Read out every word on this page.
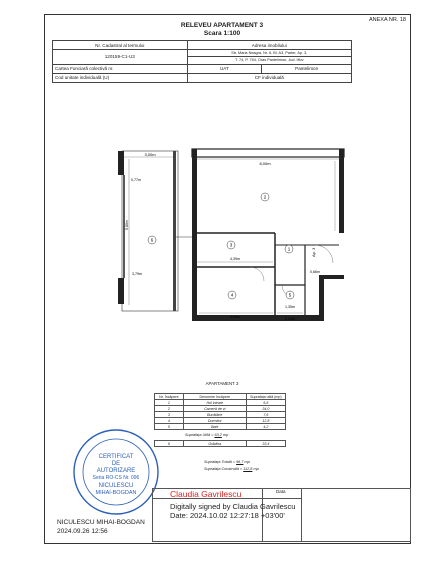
ANEXA NR. 18
RELEVEU APARTAMENT 3
Scara 1:100
Nr. Cadastral al termului	Adresa imobilului	
120159-C1-U3	Str. Maria Neagra, Nr. 6, Bl. A3, Parter, Ap. 3,	
	T. 74, P. 754, Oras Pantelimon, Jud. Ilfov	
Cartea Funciară colectivă nr.	UAT	Pantelimon
Cod unitate individuală (U)	CF individuală	
3,00m
8,00m
0,77m
5,80m
3,79m
4,39m
3,84m	2,24m
1,35m
0,66m
6
2
3
4
1
5
Ap. 3
APARTAMENT 3
Nr. Încăpere	Denumire încăpere	Suprafața utilă (mp)
1	Hol intrare	6,6
2	Cameră de zi	34,0
3	Bucătărie	7,6
4	Dormitor	12,8
5	Baie	4,2

6	Grădina	33,4
Suprafața Utilă = 63,2 mp
Suprafața Totală = 96,7 mp
Suprafața Construită = 112,8 mp
CERTIFICAT
DE
AUTORIZARE
Seria RO-CS Nr. 096
NICULESCU
MIHAI-BOGDAN	Claudia Gavrilescu	Data
Digitally signed by Claudia Gavrilescu
Date: 2024.10.02 12:27:18 +03'00'
NICULESCU MIHAI-BOGDAN
2024.09.26 12:56
